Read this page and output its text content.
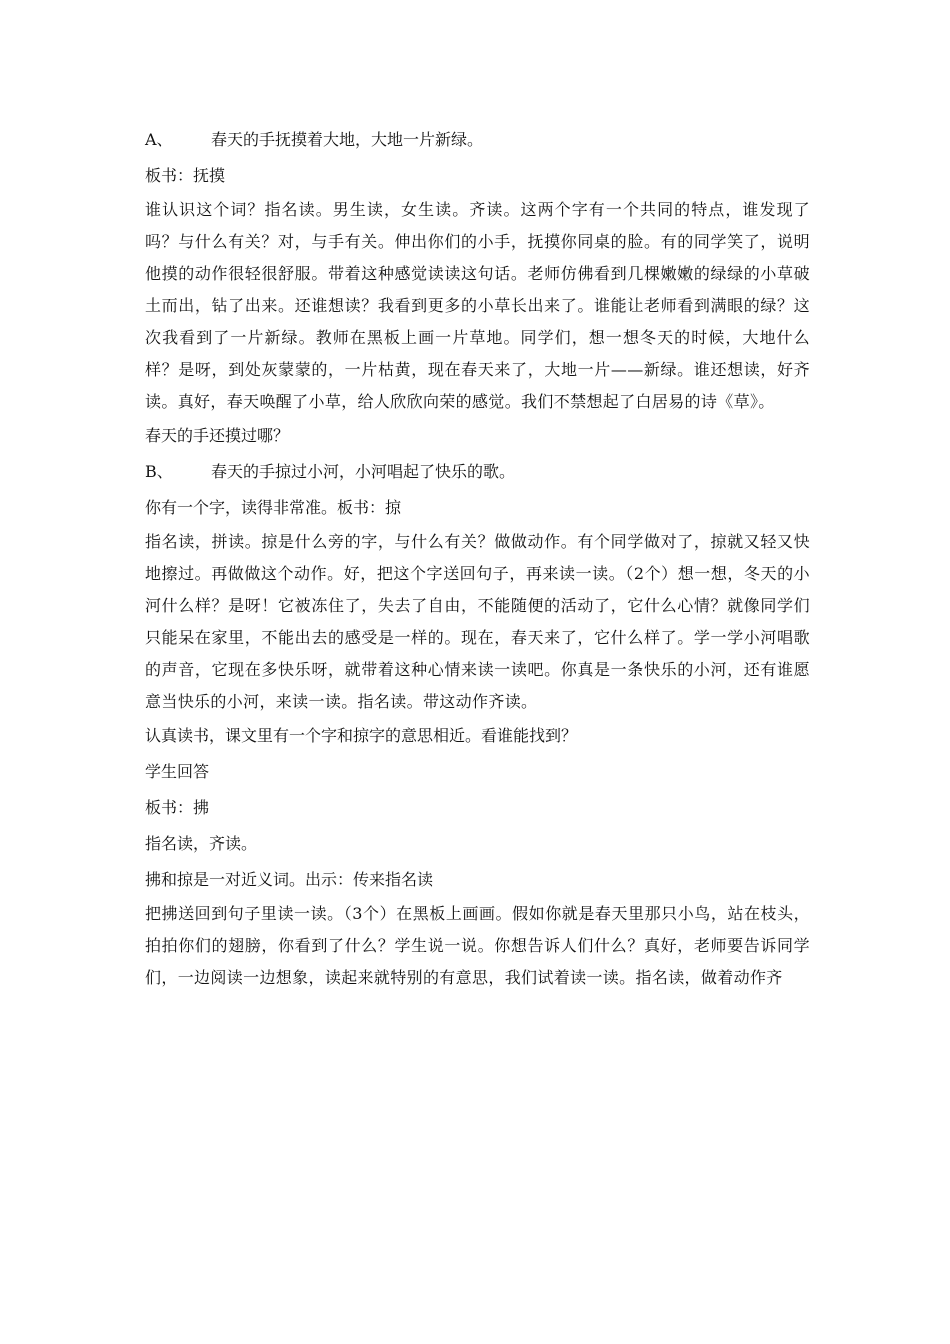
A、	春天的手抚摸着大地，大地一片新绿。
板书：抚摸
谁认识这个词？指名读。男生读，女生读。齐读。这两个字有一个共同的特点，谁发现了吗？与什么有关？对，与手有关。伸出你们的小手，抚摸你同桌的脸。有的同学笑了，说明他摸的动作很轻很舒服。带着这种感觉读读这句话。老师仿佛看到几棵嫩嫩的绿绿的小草破土而出，钻了出来。还谁想读？我看到更多的小草长出来了。谁能让老师看到满眼的绿？这次我看到了一片新绿。教师在黑板上画一片草地。同学们，想一想冬天的时候，大地什么样？是呀，到处灰蒙蒙的，一片枯黄，现在春天来了，大地一片——新绿。谁还想读，好齐读。真好，春天唤醒了小草，给人欣欣向荣的感觉。我们不禁想起了白居易的诗《草》。
春天的手还摸过哪？
B、	春天的手掠过小河，小河唱起了快乐的歌。
你有一个字，读得非常准。板书：掠
指名读，拼读。掠是什么旁的字，与什么有关？做做动作。有个同学做对了，掠就又轻又快地擦过。再做做这个动作。好，把这个字送回句子，再来读一读。（2个）想一想，冬天的小河什么样？是呀！它被冻住了，失去了自由，不能随便的活动了，它什么心情？就像同学们只能呆在家里，不能出去的感受是一样的。现在，春天来了，它什么样了。学一学小河唱歌的声音，它现在多快乐呀，就带着这种心情来读一读吧。你真是一条快乐的小河，还有谁愿意当快乐的小河，来读一读。指名读。带这动作齐读。
认真读书，课文里有一个字和掠字的意思相近。看谁能找到？
学生回答
板书：拂
指名读，齐读。
拂和掠是一对近义词。出示：传来指名读
把拂送回到句子里读一读。（3个）在黑板上画画。假如你就是春天里那只小鸟，站在枝头，拍拍你们的翅膀，你看到了什么？学生说一说。你想告诉人们什么？真好，老师要告诉同学们，一边阅读一边想象，读起来就特别的有意思，我们试着读一读。指名读，做着动作齐
